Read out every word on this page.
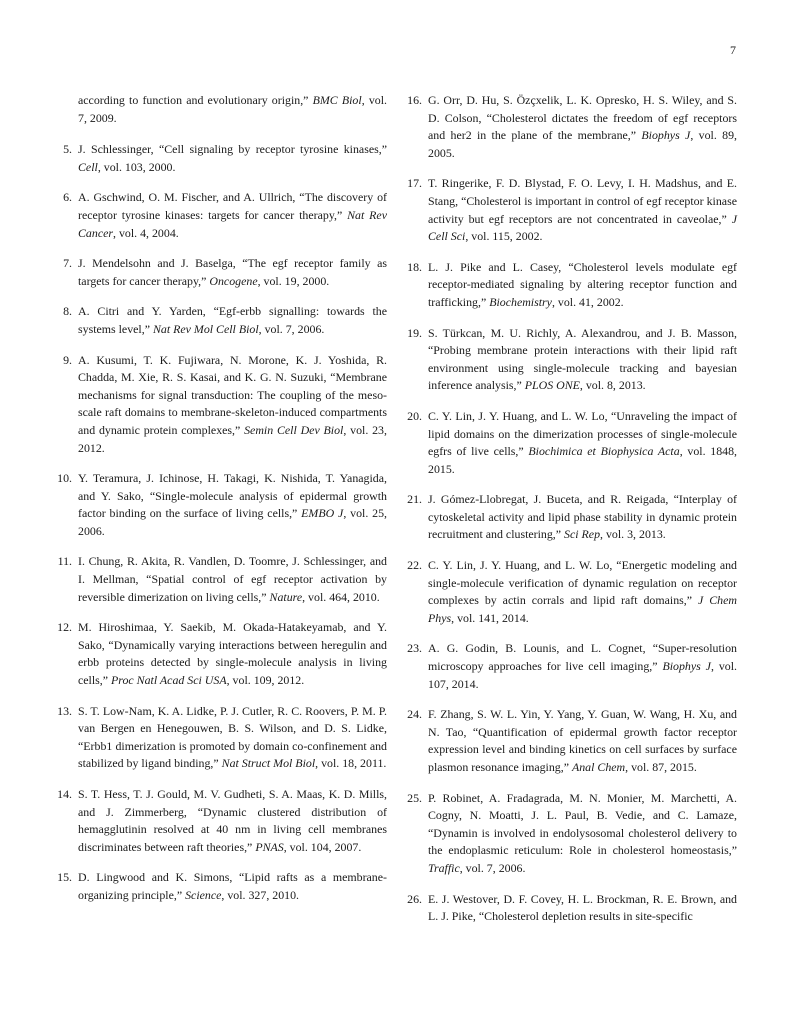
7
according to function and evolutionary origin,” BMC Biol, vol. 7, 2009.
5. J. Schlessinger, “Cell signaling by receptor tyrosine kinases,” Cell, vol. 103, 2000.
6. A. Gschwind, O. M. Fischer, and A. Ullrich, “The discovery of receptor tyrosine kinases: targets for cancer therapy,” Nat Rev Cancer, vol. 4, 2004.
7. J. Mendelsohn and J. Baselga, “The egf receptor family as targets for cancer therapy,” Oncogene, vol. 19, 2000.
8. A. Citri and Y. Yarden, “Egf-erbb signalling: towards the systems level,” Nat Rev Mol Cell Biol, vol. 7, 2006.
9. A. Kusumi, T. K. Fujiwara, N. Morone, K. J. Yoshida, R. Chadda, M. Xie, R. S. Kasai, and K. G. N. Suzuki, “Membrane mechanisms for signal transduction: The coupling of the meso-scale raft domains to membrane-skeleton-induced compartments and dynamic protein complexes,” Semin Cell Dev Biol, vol. 23, 2012.
10. Y. Teramura, J. Ichinose, H. Takagi, K. Nishida, T. Yanagida, and Y. Sako, “Single-molecule analysis of epidermal growth factor binding on the surface of living cells,” EMBO J, vol. 25, 2006.
11. I. Chung, R. Akita, R. Vandlen, D. Toomre, J. Schlessinger, and I. Mellman, “Spatial control of egf receptor activation by reversible dimerization on living cells,” Nature, vol. 464, 2010.
12. M. Hiroshimaa, Y. Saekib, M. Okada-Hatakeyamab, and Y. Sako, “Dynamically varying interactions between heregulin and erbb proteins detected by single-molecule analysis in living cells,” Proc Natl Acad Sci USA, vol. 109, 2012.
13. S. T. Low-Nam, K. A. Lidke, P. J. Cutler, R. C. Roovers, P. M. P. van Bergen en Henegouwen, B. S. Wilson, and D. S. Lidke, “Erbb1 dimerization is promoted by domain co-confinement and stabilized by ligand binding,” Nat Struct Mol Biol, vol. 18, 2011.
14. S. T. Hess, T. J. Gould, M. V. Gudheti, S. A. Maas, K. D. Mills, and J. Zimmerberg, “Dynamic clustered distribution of hemagglutinin resolved at 40 nm in living cell membranes discriminates between raft theories,” PNAS, vol. 104, 2007.
15. D. Lingwood and K. Simons, “Lipid rafts as a membrane-organizing principle,” Science, vol. 327, 2010.
16. G. Orr, D. Hu, S. Özçxelik, L. K. Opresko, H. S. Wiley, and S. D. Colson, “Cholesterol dictates the freedom of egf receptors and her2 in the plane of the membrane,” Biophys J, vol. 89, 2005.
17. T. Ringerike, F. D. Blystad, F. O. Levy, I. H. Madshus, and E. Stang, “Cholesterol is important in control of egf receptor kinase activity but egf receptors are not concentrated in caveolae,” J Cell Sci, vol. 115, 2002.
18. L. J. Pike and L. Casey, “Cholesterol levels modulate egf receptor-mediated signaling by altering receptor function and trafficking,” Biochemistry, vol. 41, 2002.
19. S. Türkcan, M. U. Richly, A. Alexandrou, and J. B. Masson, “Probing membrane protein interactions with their lipid raft environment using single-molecule tracking and bayesian inference analysis,” PLOS ONE, vol. 8, 2013.
20. C. Y. Lin, J. Y. Huang, and L. W. Lo, “Unraveling the impact of lipid domains on the dimerization processes of single-molecule egfrs of live cells,” Biochimica et Biophysica Acta, vol. 1848, 2015.
21. J. Gómez-Llobregat, J. Buceta, and R. Reigada, “Interplay of cytoskeletal activity and lipid phase stability in dynamic protein recruitment and clustering,” Sci Rep, vol. 3, 2013.
22. C. Y. Lin, J. Y. Huang, and L. W. Lo, “Energetic modeling and single-molecule verification of dynamic regulation on receptor complexes by actin corrals and lipid raft domains,” J Chem Phys, vol. 141, 2014.
23. A. G. Godin, B. Lounis, and L. Cognet, “Super-resolution microscopy approaches for live cell imaging,” Biophys J, vol. 107, 2014.
24. F. Zhang, S. W. L. Yin, Y. Yang, Y. Guan, W. Wang, H. Xu, and N. Tao, “Quantification of epidermal growth factor receptor expression level and binding kinetics on cell surfaces by surface plasmon resonance imaging,” Anal Chem, vol. 87, 2015.
25. P. Robinet, A. Fradagrada, M. N. Monier, M. Marchetti, A. Cogny, N. Moatti, J. L. Paul, B. Vedie, and C. Lamaze, “Dynamin is involved in endolysosomal cholesterol delivery to the endoplasmic reticulum: Role in cholesterol homeostasis,” Traffic, vol. 7, 2006.
26. E. J. Westover, D. F. Covey, H. L. Brockman, R. E. Brown, and L. J. Pike, “Cholesterol depletion results in site-specific
